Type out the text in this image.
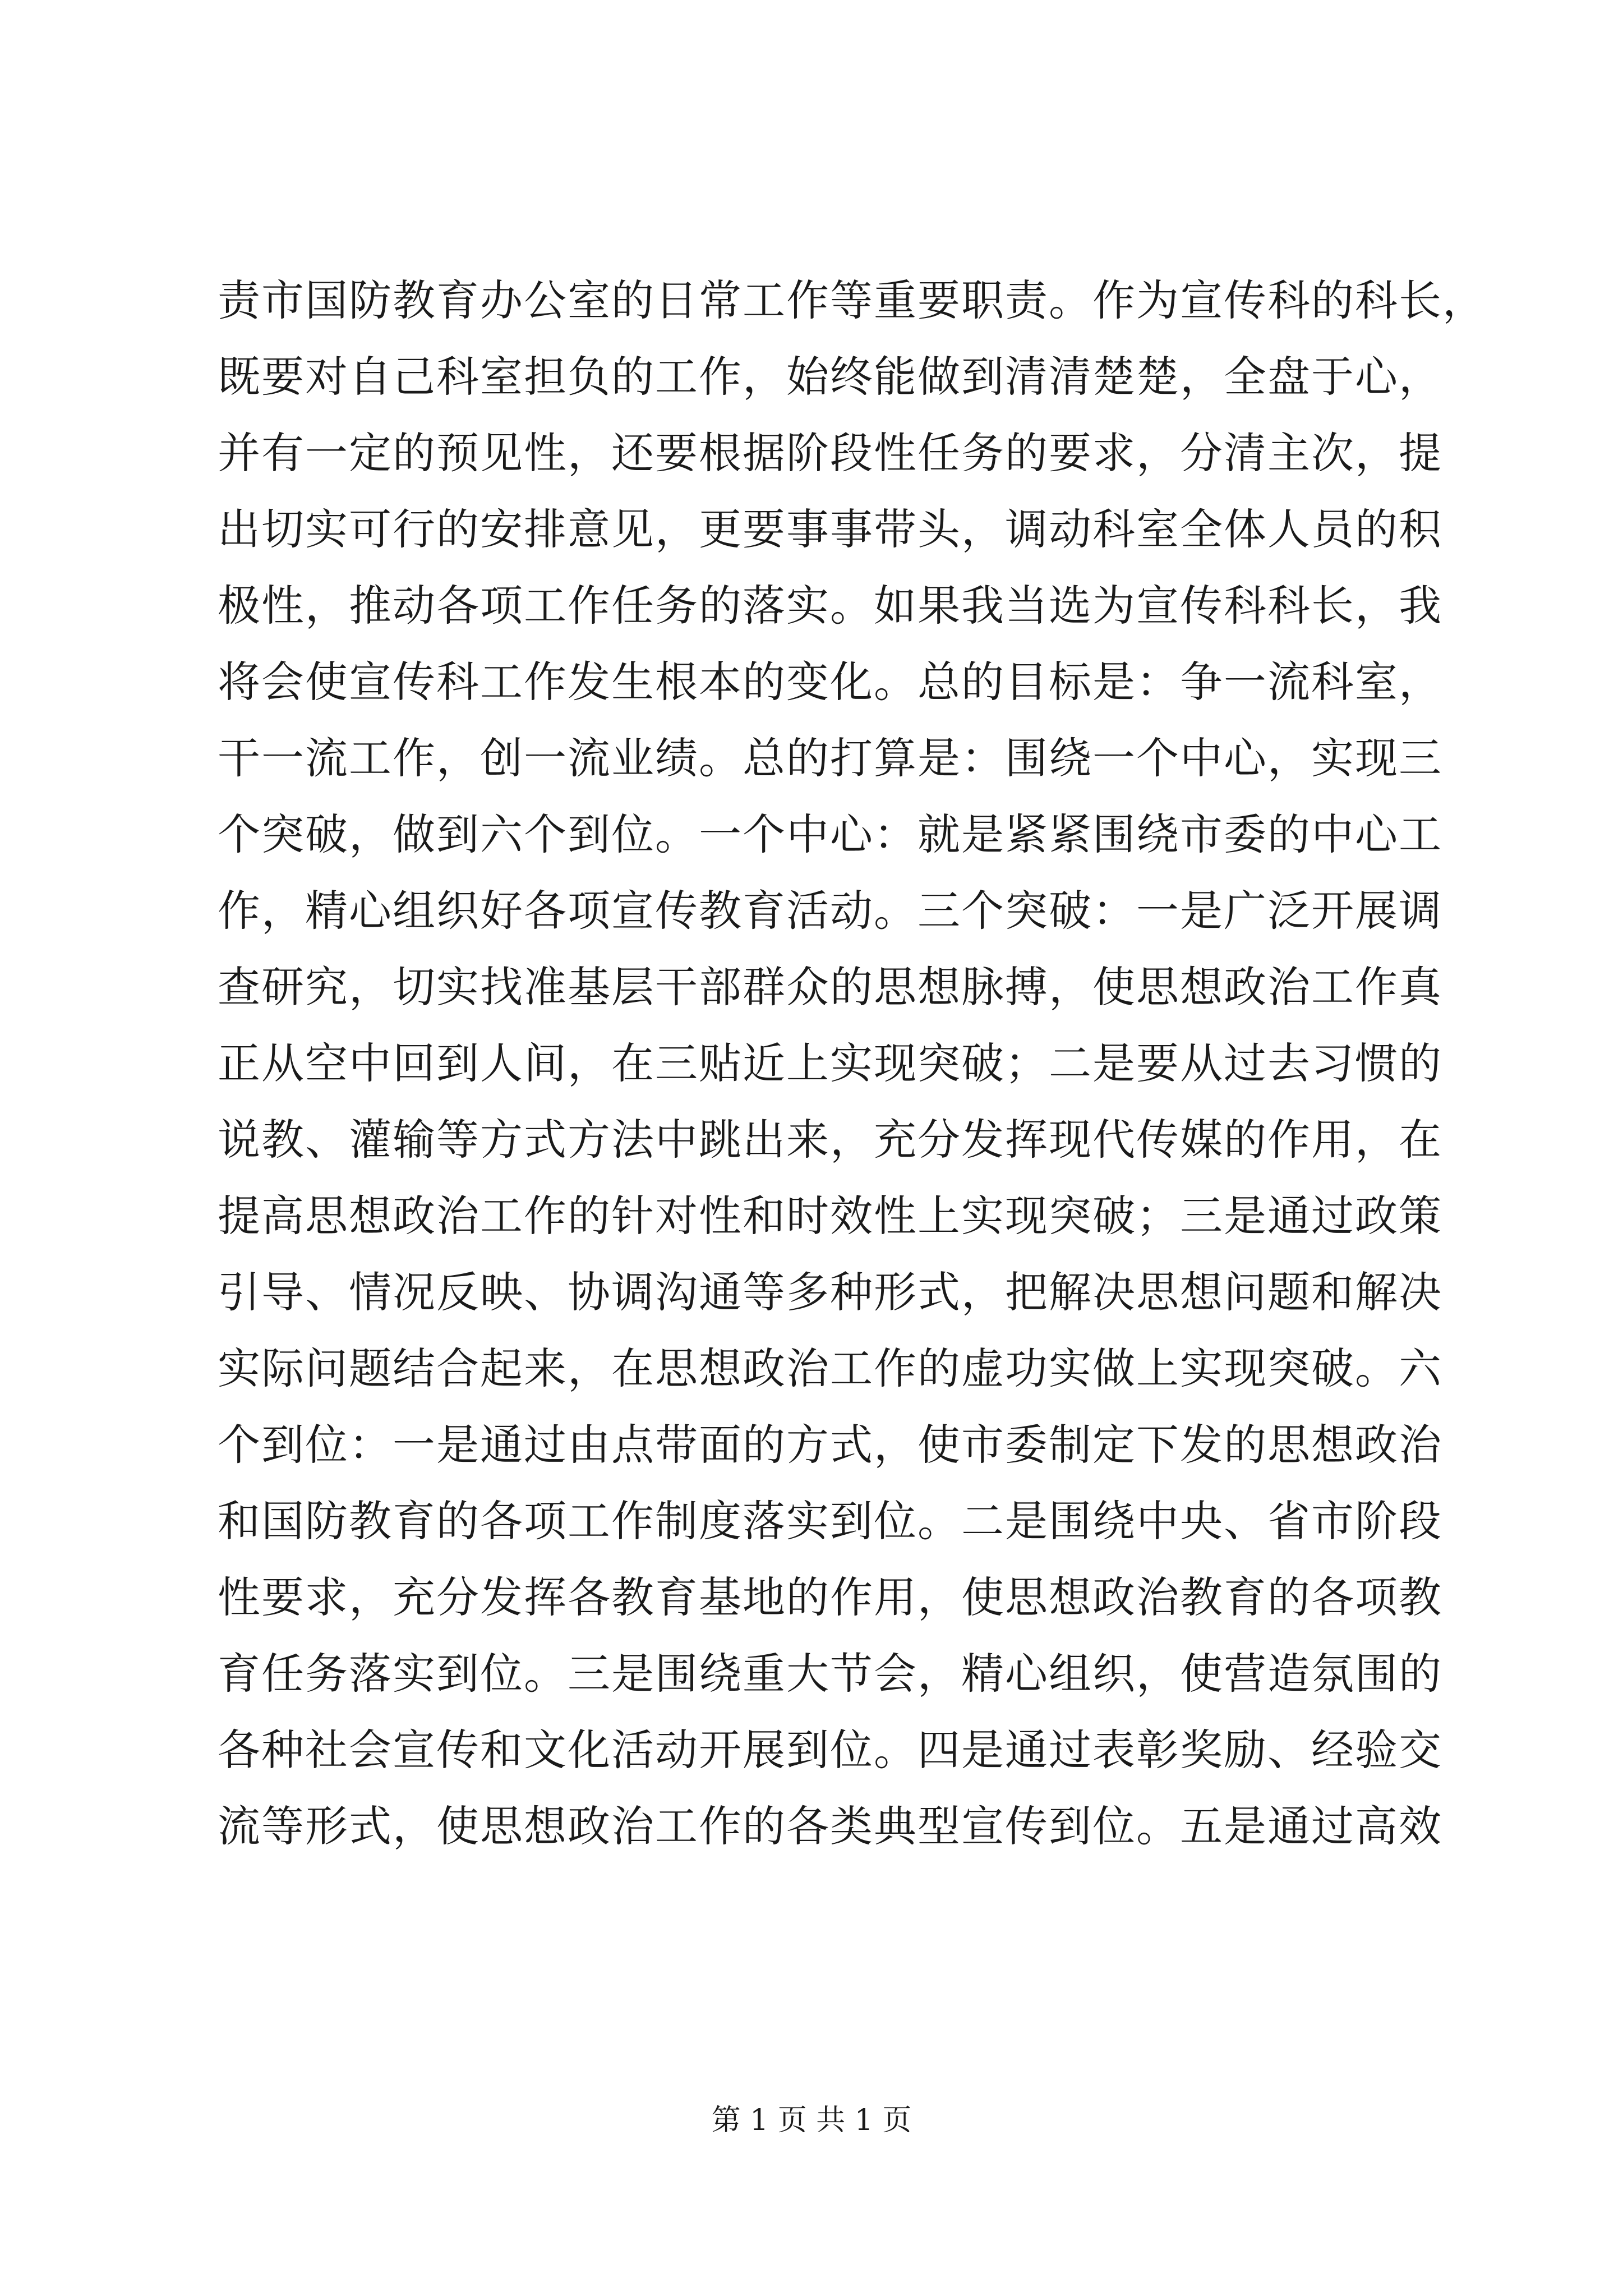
责市国防教育办公室的日常工作等重要职责。作为宣传科的科长，
既要对自己科室担负的工作，始终能做到清清楚楚，全盘于心，
并有一定的预见性，还要根据阶段性任务的要求，分清主次，提
出切实可行的安排意见，更要事事带头，调动科室全体人员的积
极性，推动各项工作任务的落实。如果我当选为宣传科科长，我
将会使宣传科工作发生根本的变化。总的目标是：争一流科室，
干一流工作，创一流业绩。总的打算是：围绕一个中心，实现三
个突破，做到六个到位。一个中心：就是紧紧围绕市委的中心工
作，精心组织好各项宣传教育活动。三个突破：一是广泛开展调
查研究，切实找准基层干部群众的思想脉搏，使思想政治工作真
正从空中回到人间，在三贴近上实现突破；二是要从过去习惯的
说教、灌输等方式方法中跳出来，充分发挥现代传媒的作用，在
提高思想政治工作的针对性和时效性上实现突破；三是通过政策
引导、情况反映、协调沟通等多种形式，把解决思想问题和解决
实际问题结合起来，在思想政治工作的虚功实做上实现突破。六
个到位：一是通过由点带面的方式，使市委制定下发的思想政治
和国防教育的各项工作制度落实到位。二是围绕中央、省市阶段
性要求，充分发挥各教育基地的作用，使思想政治教育的各项教
育任务落实到位。三是围绕重大节会，精心组织，使营造氛围的
各种社会宣传和文化活动开展到位。四是通过表彰奖励、经验交
流等形式，使思想政治工作的各类典型宣传到位。五是通过高效
第 1 页 共 1 页
